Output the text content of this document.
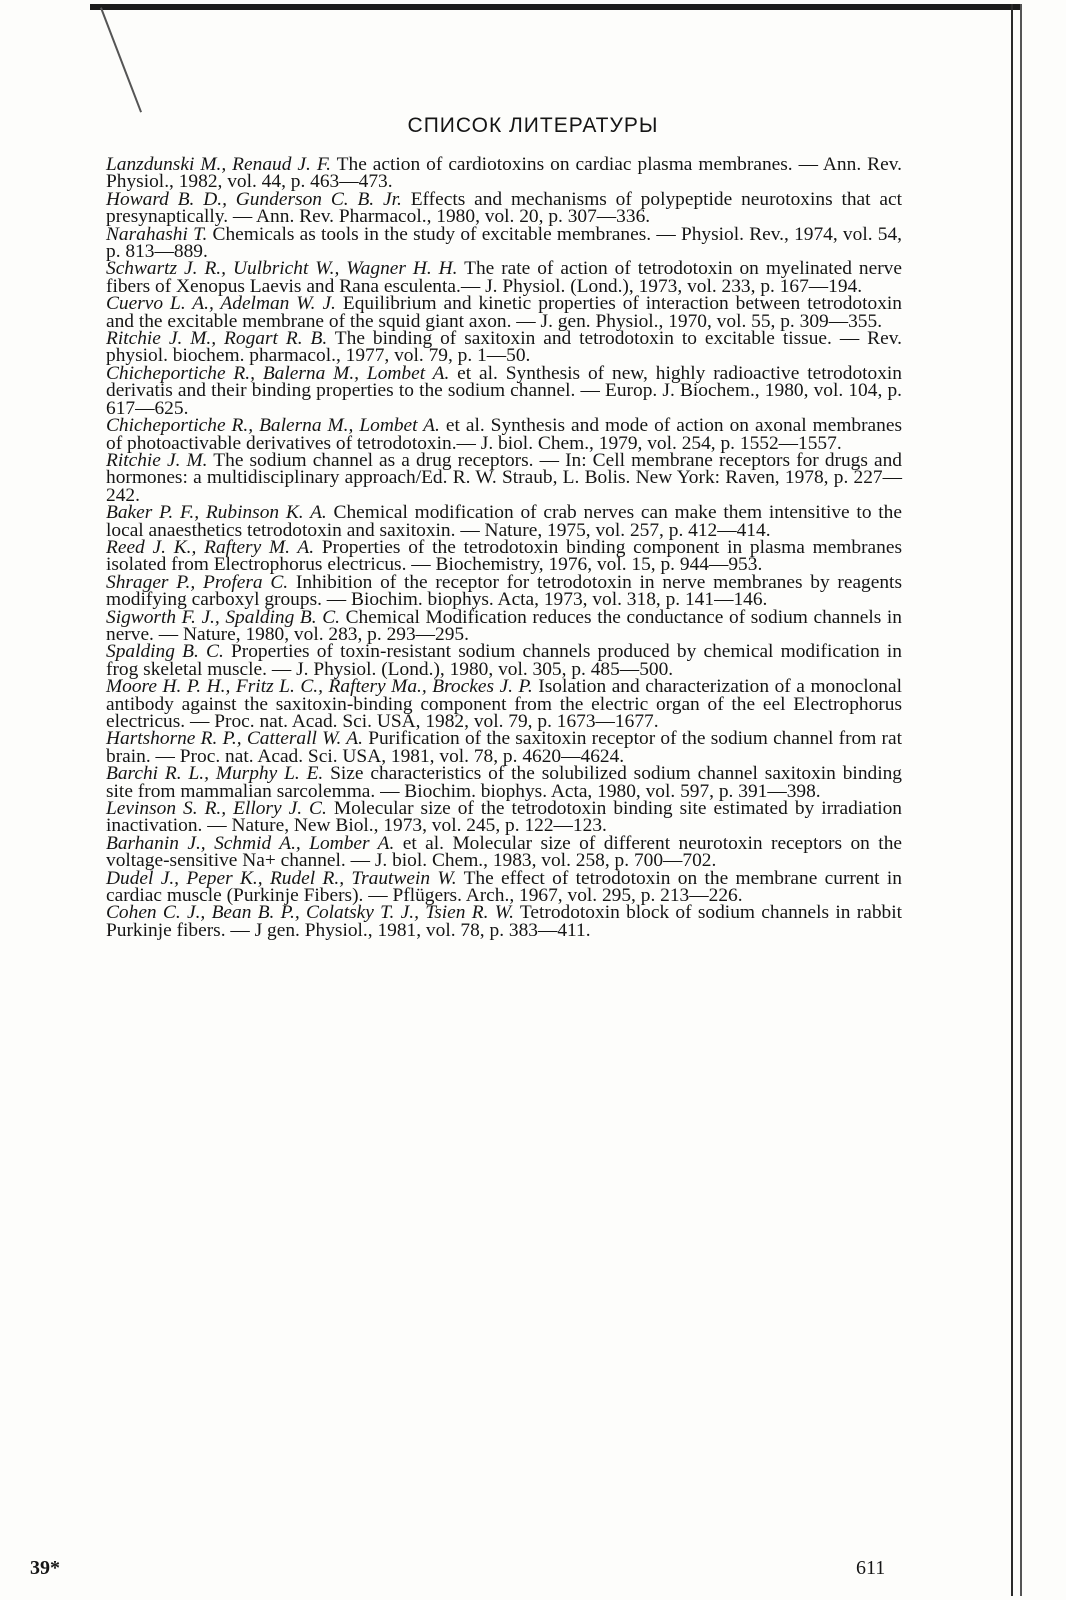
СПИСОК ЛИТЕРАТУРЫ
Lanzdunski M., Renaud J. F. The action of cardiotoxins on cardiac plasma membranes. — Ann. Rev. Physiol., 1982, vol. 44, p. 463—473.
Howard B. D., Gunderson C. B. Jr. Effects and mechanisms of polypeptide neurotoxins that act presynaptically. — Ann. Rev. Pharmacol., 1980, vol. 20, p. 307—336.
Narahashi T. Chemicals as tools in the study of excitable membranes. — Physiol. Rev., 1974, vol. 54, p. 813—889.
Schwartz J. R., Uulbricht W., Wagner H. H. The rate of action of tetrodotoxin on myelinated nerve fibers of Xenopus Laevis and Rana esculenta.— J. Physiol. (Lond.), 1973, vol. 233, p. 167—194.
Cuervo L. A., Adelman W. J. Equilibrium and kinetic properties of interaction between tetrodotoxin and the excitable membrane of the squid giant axon. — J. gen. Physiol., 1970, vol. 55, p. 309—355.
Ritchie J. M., Rogart R. B. The binding of saxitoxin and tetrodotoxin to excitable tissue. — Rev. physiol. biochem. pharmacol., 1977, vol. 79, p. 1—50.
Chicheportiche R., Balerna M., Lombet A. et al. Synthesis of new, highly radioactive tetrodotoxin derivatis and their binding properties to the sodium channel. — Europ. J. Biochem., 1980, vol. 104, p. 617—625.
Chicheportiche R., Balerna M., Lombet A. et al. Synthesis and mode of action on axonal membranes of photoactivable derivatives of tetrodotoxin.— J. biol. Chem., 1979, vol. 254, p. 1552—1557.
Ritchie J. M. The sodium channel as a drug receptors. — In: Cell membrane receptors for drugs and hormones: a multidisciplinary approach/Ed. R. W. Straub, L. Bolis. New York: Raven, 1978, p. 227—242.
Baker P. F., Rubinson K. A. Chemical modification of crab nerves can make them intensitive to the local anaesthetics tetrodotoxin and saxitoxin. — Nature, 1975, vol. 257, p. 412—414.
Reed J. K., Raftery M. A. Properties of the tetrodotoxin binding component in plasma membranes isolated from Electrophorus electricus. — Biochemistry, 1976, vol. 15, p. 944—953.
Shrager P., Profera C. Inhibition of the receptor for tetrodotoxin in nerve membranes by reagents modifying carboxyl groups. — Biochim. biophys. Acta, 1973, vol. 318, p. 141—146.
Sigworth F. J., Spalding B. C. Chemical Modification reduces the conductance of sodium channels in nerve. — Nature, 1980, vol. 283, p. 293—295.
Spalding B. C. Properties of toxin-resistant sodium channels produced by chemical modification in frog skeletal muscle. — J. Physiol. (Lond.), 1980, vol. 305, p. 485—500.
Moore H. P. H., Fritz L. C., Raftery Ma., Brockes J. P. Isolation and characterization of a monoclonal antibody against the saxitoxin-binding component from the electric organ of the eel Electrophorus electricus. — Proc. nat. Acad. Sci. USA, 1982, vol. 79, p. 1673—1677.
Hartshorne R. P., Catterall W. A. Purification of the saxitoxin receptor of the sodium channel from rat brain. — Proc. nat. Acad. Sci. USA, 1981, vol. 78, p. 4620—4624.
Barchi R. L., Murphy L. E. Size characteristics of the solubilized sodium channel saxitoxin binding site from mammalian sarcolemma. — Biochim. biophys. Acta, 1980, vol. 597, p. 391—398.
Levinson S. R., Ellory J. C. Molecular size of the tetrodotoxin binding site estimated by irradiation inactivation. — Nature, New Biol., 1973, vol. 245, p. 122—123.
Barhanin J., Schmid A., Lomber A. et al. Molecular size of different neurotoxin receptors on the voltage-sensitive Na+ channel. — J. biol. Chem., 1983, vol. 258, p. 700—702.
Dudel J., Peper K., Rudel R., Trautwein W. The effect of tetrodotoxin on the membrane current in cardiac muscle (Purkinje Fibers). — Pflügers. Arch., 1967, vol. 295, p. 213—226.
Cohen C. J., Bean B. P., Colatsky T. J., Tsien R. W. Tetrodotoxin block of sodium channels in rabbit Purkinje fibers. — J gen. Physiol., 1981, vol. 78, p. 383—411.
39*	611
